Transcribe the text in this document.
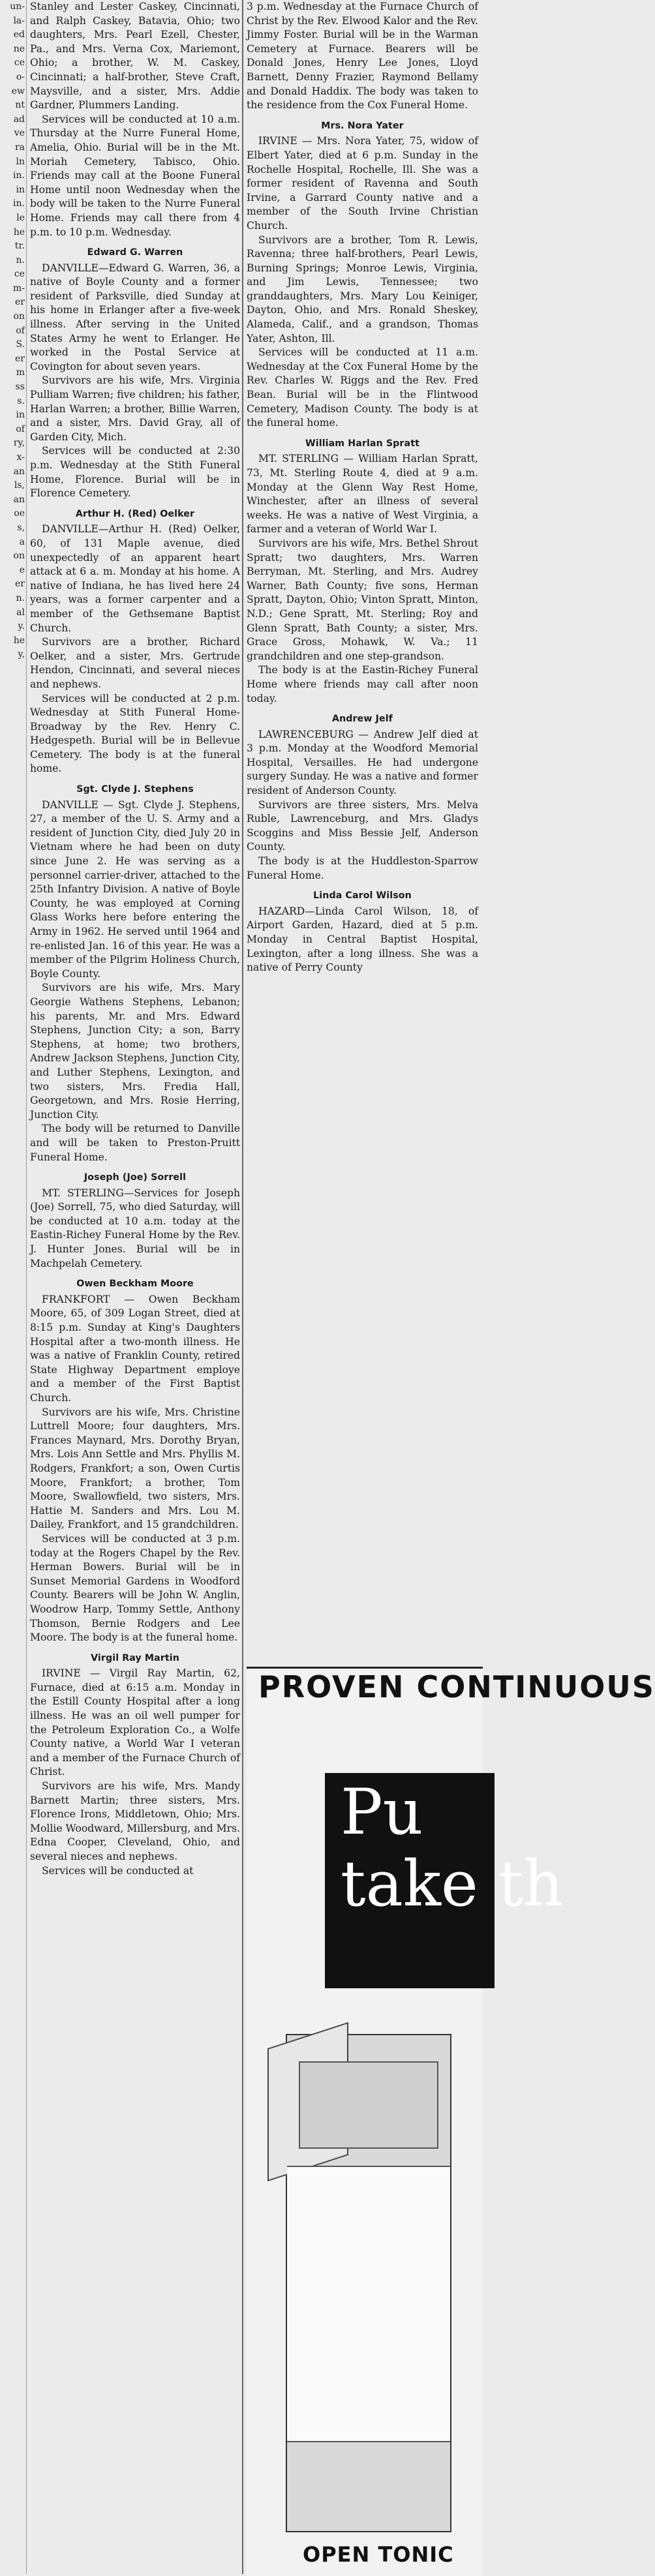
un-
la-
ed
ne
ce
o-
ew
nt
ad
ve
ra
ln
in.
in
in.
le
he
tr.
n.
ce
m-
er
on
of
S.
er
m
ss
s.
in
of
ry,
x-
an
ls,
an
oe
s,
a
on
e
er
n.
al
y.
he
y,

Stanley and Lester Caskey, Cincinnati, and Ralph Caskey, Batavia, Ohio; two daughters, Mrs. Pearl Ezell, Chester, Pa., and Mrs. Verna Cox, Mariemont, Ohio; a brother, W. M. Caskey, Cincinnati; a half-brother, Steve Craft, Maysville, and a sister, Mrs. Addie Gardner, Plummers Landing.

Services will be conducted at 10 a.m. Thursday at the Nurre Funeral Home, Amelia, Ohio. Burial will be in the Mt. Moriah Cemetery, Tabisco, Ohio. Friends may call at the Boone Funeral Home until noon Wednesday when the body will be taken to the Nurre Funeral Home. Friends may call there from 4 p.m. to 10 p.m. Wednesday.

Edward G. Warren

DANVILLE—Edward G. Warren, 36, a native of Boyle County and a former resident of Parksville, died Sunday at his home in Erlanger after a five-week illness. After serving in the United States Army he went to Erlanger. He worked in the Postal Service at Covington for about seven years.

Survivors are his wife, Mrs. Virginia Pulliam Warren; five children; his father, Harlan Warren; a brother, Billie Warren, and a sister, Mrs. David Gray, all of Garden City, Mich.

Services will be conducted at 2:30 p.m. Wednesday at the Stith Funeral Home, Florence. Burial will be in Florence Cemetery.

Arthur H. (Red) Oelker

DANVILLE—Arthur H. (Red) Oelker, 60, of 131 Maple avenue, died unexpectedly of an apparent heart attack at 6 a. m. Monday at his home. A native of Indiana, he has lived here 24 years, was a former carpenter and a member of the Gethsemane Baptist Church.

Survivors are a brother, Richard Oelker, and a sister, Mrs. Gertrude Hendon, Cincinnati, and several nieces and nephews.

Services will be conducted at 2 p.m. Wednesday at Stith Funeral Home-Broadway by the Rev. Henry C. Hedgespeth. Burial will be in Bellevue Cemetery. The body is at the funeral home.

Sgt. Clyde J. Stephens

DANVILLE — Sgt. Clyde J. Stephens, 27, a member of the U. S. Army and a resident of Junction City, died July 20 in Vietnam where he had been on duty since June 2. He was serving as a personnel carrier-driver, attached to the 25th Infantry Division. A native of Boyle County, he was employed at Corning Glass Works here before entering the Army in 1962. He served until 1964 and re-enlisted Jan. 16 of this year. He was a member of the Pilgrim Holiness Church, Boyle County.

Survivors are his wife, Mrs. Mary Georgie Wathens Stephens, Lebanon; his parents, Mr. and Mrs. Edward Stephens, Junction City; a son, Barry Stephens, at home; two brothers, Andrew Jackson Stephens, Junction City, and Luther Stephens, Lexington, and two sisters, Mrs. Fredia Hall, Georgetown, and Mrs. Rosie Herring, Junction City.

The body will be returned to Danville and will be taken to Preston-Pruitt Funeral Home.

Joseph (Joe) Sorrell

MT. STERLING—Services for Joseph (Joe) Sorrell, 75, who died Saturday, will be conducted at 10 a.m. today at the Eastin-Richey Funeral Home by the Rev. J. Hunter Jones. Burial will be in Machpelah Cemetery.

Owen Beckham Moore

FRANKFORT — Owen Beckham Moore, 65, of 309 Logan Street, died at 8:15 p.m. Sunday at King's Daughters Hospital after a two-month illness. He was a native of Franklin County, retired State Highway Department employe and a member of the First Baptist Church.

Survivors are his wife, Mrs. Christine Luttrell Moore; four daughters, Mrs. Frances Maynard, Mrs. Dorothy Bryan, Mrs. Lois Ann Settle and Mrs. Phyllis M. Rodgers, Frankfort; a son, Owen Curtis Moore, Frankfort; a brother, Tom Moore, Swallowfield, two sisters, Mrs. Hattie M. Sanders and Mrs. Lou M. Dailey, Frankfort, and 15 grandchildren.

Services will be conducted at 3 p.m. today at the Rogers Chapel by the Rev. Herman Bowers. Burial will be in Sunset Memorial Gardens in Woodford County. Bearers will be John W. Anglin, Woodrow Harp, Tommy Settle, Anthony Thomson, Bernie Rodgers and Lee Moore. The body is at the funeral home.

Virgil Ray Martin

IRVINE — Virgil Ray Martin, 62, Furnace, died at 6:15 a.m. Monday in the Estill County Hospital after a long illness. He was an oil well pumper for the Petroleum Exploration Co., a Wolfe County native, a World War I veteran and a member of the Furnace Church of Christ.

Survivors are his wife, Mrs. Mandy Barnett Martin; three sisters, Mrs. Florence Irons, Middletown, Ohio; Mrs. Mollie Woodward, Millersburg, and Mrs. Edna Cooper, Cleveland, Ohio, and several nieces and nephews.

Services will be conducted at

3 p.m. Wednesday at the Furnace Church of Christ by the Rev. Elwood Kalor and the Rev. Jimmy Foster. Burial will be in the Warman Cemetery at Furnace. Bearers will be Donald Jones, Henry Lee Jones, Lloyd Barnett, Denny Frazier, Raymond Bellamy and Donald Haddix. The body was taken to the residence from the Cox Funeral Home.

Mrs. Nora Yater

IRVINE — Mrs. Nora Yater, 75, widow of Elbert Yater, died at 6 p.m. Sunday in the Rochelle Hospital, Rochelle, Ill. She was a former resident of Ravenna and South Irvine, a Garrard County native and a member of the South Irvine Christian Church.

Survivors are a brother, Tom R. Lewis, Ravenna; three half-brothers, Pearl Lewis, Burning Springs; Monroe Lewis, Virginia, and Jim Lewis, Tennessee; two granddaughters, Mrs. Mary Lou Keiniger, Dayton, Ohio, and Mrs. Ronald Sheskey, Alameda, Calif., and a grandson, Thomas Yater, Ashton, Ill.

Services will be conducted at 11 a.m. Wednesday at the Cox Funeral Home by the Rev. Charles W. Riggs and the Rev. Fred Bean. Burial will be in the Flintwood Cemetery, Madison County. The body is at the funeral home.

William Harlan Spratt

MT. STERLING — William Harlan Spratt, 73, Mt. Sterling Route 4, died at 9 a.m. Monday at the Glenn Way Rest Home, Winchester, after an illness of several weeks. He was a native of West Virginia, a farmer and a veteran of World War I.

Survivors are his wife, Mrs. Bethel Shrout Spratt; two daughters, Mrs. Warren Berryman, Mt. Sterling, and Mrs. Audrey Warner, Bath County; five sons, Herman Spratt, Dayton, Ohio; Vinton Spratt, Minton, N.D.; Gene Spratt, Mt. Sterling; Roy and Glenn Spratt, Bath County; a sister, Mrs. Grace Gross, Mohawk, W. Va.; 11 grandchildren and one step-grandson.

The body is at the Eastin-Richey Funeral Home where friends may call after noon today.

Andrew Jelf

LAWRENCEBURG — Andrew Jelf died at 3 p.m. Monday at the Woodford Memorial Hospital, Versailles. He had undergone surgery Sunday. He was a native and former resident of Anderson County.

Survivors are three sisters, Mrs. Melva Ruble, Lawrenceburg, and Mrs. Gladys Scoggins and Miss Bessie Jelf, Anderson County.

The body is at the Huddleston-Sparrow Funeral Home.

Linda Carol Wilson

HAZARD—Linda Carol Wilson, 18, of Airport Garden, Hazard, died at 5 p.m. Monday in Central Baptist Hospital, Lexington, after a long illness. She was a native of Perry County

PROVEN CONTINUOUS
Pu
take th
OPEN TONIC
